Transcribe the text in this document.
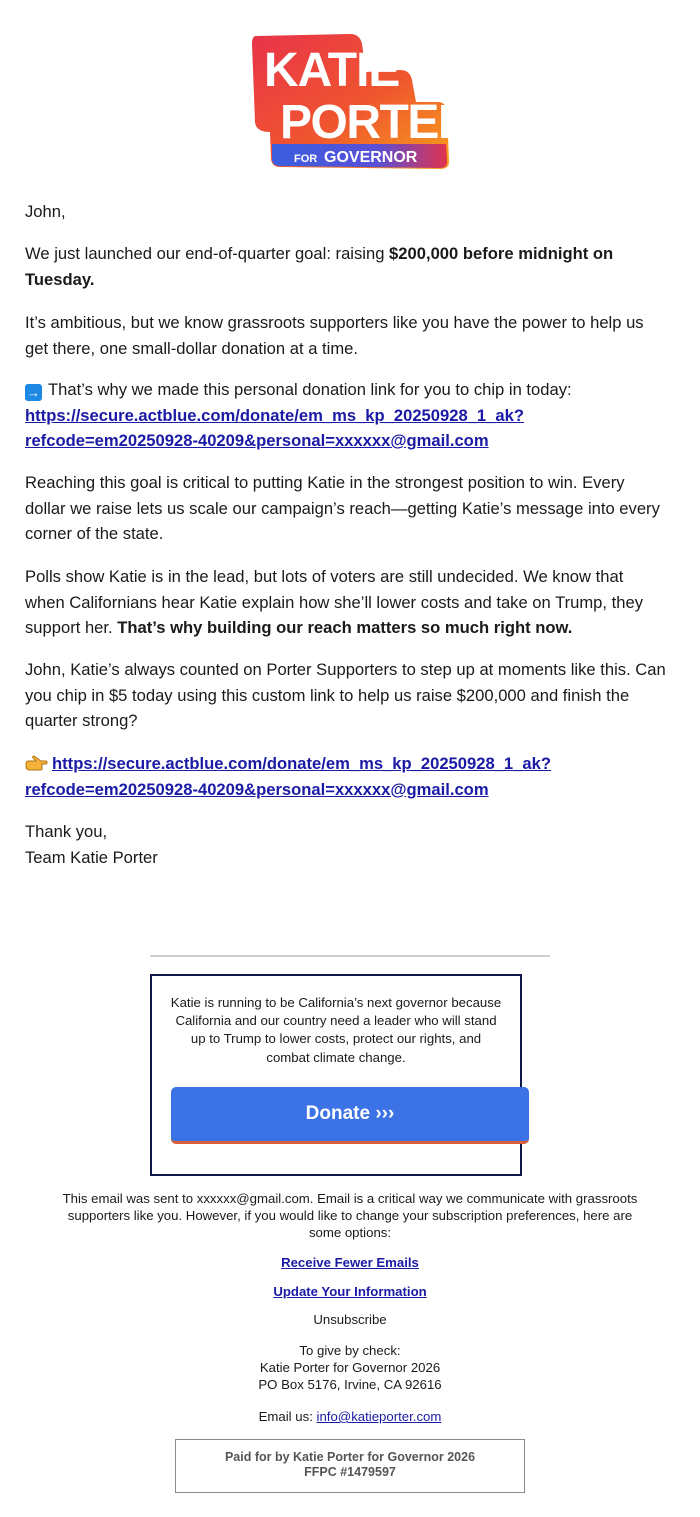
KATIE
PORTER
FOR GOVERNOR

John,

We just launched our end-of-quarter goal: raising $200,000 before midnight on Tuesday.

It’s ambitious, but we know grassroots supporters like you have the power to help us get there, one small-dollar donation at a time.

→ That’s why we made this personal donation link for you to chip in today:
https://secure.actblue.com/donate/em_ms_kp_20250928_1_ak?
refcode=em20250928-40209&personal=xxxxxx@gmail.com

Reaching this goal is critical to putting Katie in the strongest position to win. Every dollar we raise lets us scale our campaign’s reach—getting Katie’s message into every corner of the state.

Polls show Katie is in the lead, but lots of voters are still undecided. We know that when Californians hear Katie explain how she’ll lower costs and take on Trump, they support her. That’s why building our reach matters so much right now.

John, Katie’s always counted on Porter Supporters to step up at moments like this. Can you chip in $5 today using this custom link to help us raise $200,000 and finish the quarter strong?

https://secure.actblue.com/donate/em_ms_kp_20250928_1_ak?
refcode=em20250928-40209&personal=xxxxxx@gmail.com

Thank you,

Team Katie Porter

Katie is running to be California’s next governor because California and our country need a leader who will stand up to Trump to lower costs, protect our rights, and combat climate change.
Donate ›››
This email was sent to xxxxxx@gmail.com. Email is a critical way we communicate with grassroots supporters like you. However, if you would like to change your subscription preferences, here are some options:
Receive Fewer Emails
Update Your Information
Unsubscribe
To give by check:
Katie Porter for Governor 2026
PO Box 5176, Irvine, CA 92616
Email us: info@katieporter.com
Paid for by Katie Porter for Governor 2026
FFPC #1479597
